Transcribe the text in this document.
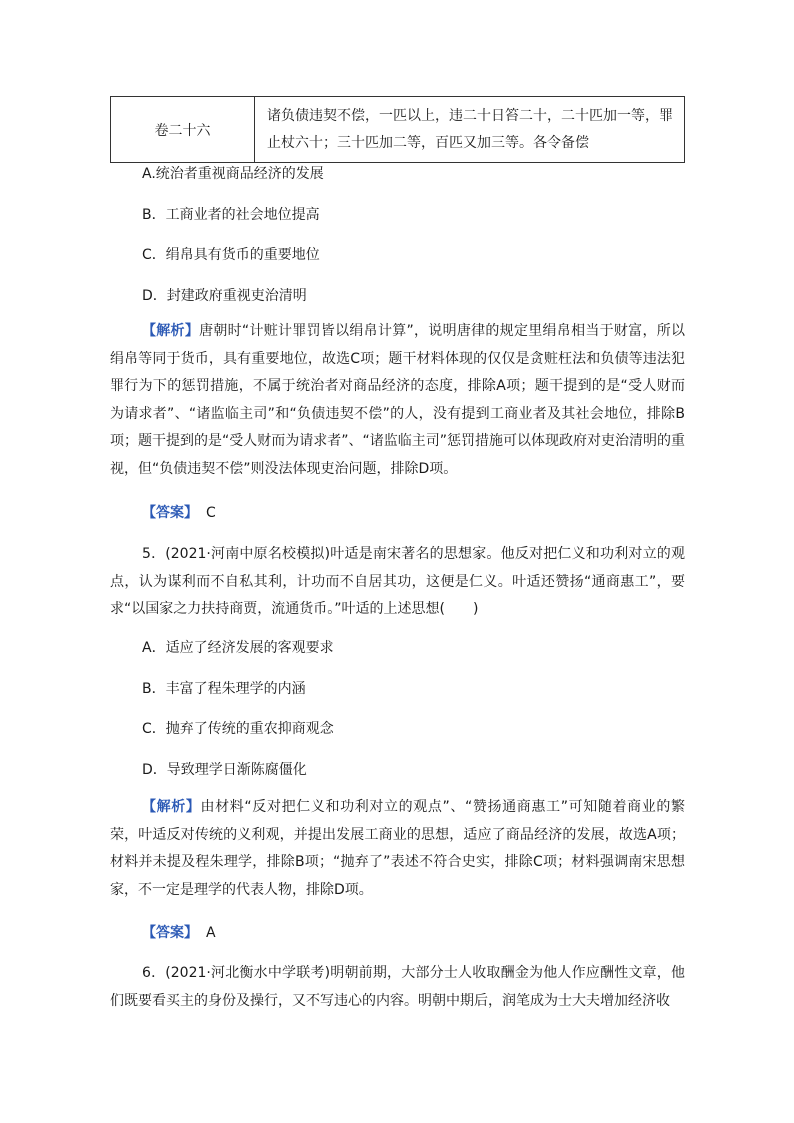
卷二十六	诸负债违契不偿，一匹以上，违二十日笞二十，二十匹加一等，罪止杖六十；三十匹加二等，百匹又加三等。各令备偿
A.统治者重视商品经济的发展
B．工商业者的社会地位提高
C．绢帛具有货币的重要地位
D．封建政府重视吏治清明
【解析】唐朝时“计赃计罪罚皆以绢帛计算”，说明唐律的规定里绢帛相当于财富，所以绢帛等同于货币，具有重要地位，故选C项；题干材料体现的仅仅是贪赃枉法和负债等违法犯罪行为下的惩罚措施，不属于统治者对商品经济的态度，排除A项；题干提到的是“受人财而为请求者”、“诸监临主司”和“负债违契不偿”的人，没有提到工商业者及其社会地位，排除B项；题干提到的是“受人财而为请求者”、“诸监临主司”惩罚措施可以体现政府对吏治清明的重视，但“负债违契不偿”则没法体现吏治问题，排除D项。
【答案】 C
5．(2021·河南中原名校模拟)叶适是南宋著名的思想家。他反对把仁义和功利对立的观点，认为谋利而不自私其利，计功而不自居其功，这便是仁义。叶适还赞扬“通商惠工”，要求“以国家之力扶持商贾，流通货币。”叶适的上述思想(　　)
A．适应了经济发展的客观要求
B．丰富了程朱理学的内涵
C．抛弃了传统的重农抑商观念
D．导致理学日渐陈腐僵化
【解析】由材料“反对把仁义和功利对立的观点”、“赞扬通商惠工”可知随着商业的繁荣，叶适反对传统的义利观，并提出发展工商业的思想，适应了商品经济的发展，故选A项；材料并未提及程朱理学，排除B项；“抛弃了”表述不符合史实，排除C项；材料强调南宋思想家，不一定是理学的代表人物，排除D项。
【答案】 A
6．(2021·河北衡水中学联考)明朝前期，大部分士人收取酬金为他人作应酬性文章，他们既要看买主的身份及操行，又不写违心的内容。明朝中期后，润笔成为士大夫增加经济收
